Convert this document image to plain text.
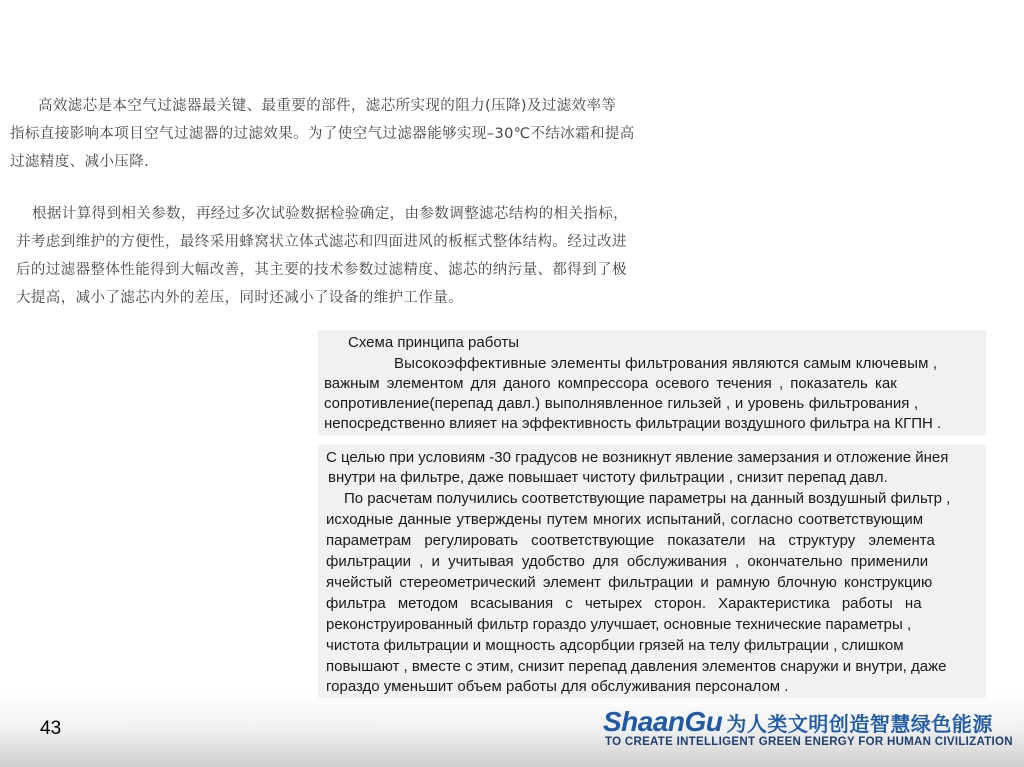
高效滤芯是本空气过滤器最关键、最重要的部件，滤芯所实现的阻力(压降)及过滤效率等

指标直接影响本项目空气过滤器的过滤效果。为了使空气过滤器能够实现–30℃不结冰霜和提高

过滤精度、减小压降.

根据计算得到相关参数，再经过多次试验数据检验确定，由参数调整滤芯结构的相关指标，

并考虑到维护的方便性，最终采用蜂窝状立体式滤芯和四面进风的板框式整体结构。经过改进

后的过滤器整体性能得到大幅改善，其主要的技术参数过滤精度、滤芯的纳污量、都得到了极

大提高，减小了滤芯内外的差压，同时还减小了设备的维护工作量。

Схема принципа работы
Высокоэффективные элементы фильтрования являются самым ключевым ,
важным элементом для даного компрессора осевого течения , показатель как
сопротивление(перепад давл.) выполнявленное гильзей , и уровень фильтрования ,
непосредственно влияет на эффективность фильтрации воздушного фильтра на КГПН .
С целью при условиям -30 градусов не возникнут явление замерзания и отложение йнея
внутри на фильтре, даже повышает чистоту фильтрации , снизит перепад давл.
По расчетам получились соответствующие параметры на данный воздушный фильтр ,
исходные данные утверждены путем многих испытаний, согласно соответствующим
параметрам регулировать соответствующие показатели на структуру элемента
фильтрации , и учитывая удобство для обслуживания , окончательно применили
ячейстый стереометрический элемент фильтрации и рамную блочную конструкцию
фильтра методом всасывания с четырех сторон. Характеристика работы на
реконструированный фильтр гораздо улучшает, основные технические параметры ,
чистота фильтрации и мощность адсорбции грязей на телу фильтрации , слишком
повышают , вместе с этим, снизит перепад давления элементов снаружи и внутри, даже
гораздо уменьшит объем работы для обслуживания персоналом .
43	ShaanGu 为人类文明创造智慧绿色能源
TO CREATE INTELLIGENT GREEN ENERGY FOR HUMAN CIVILIZATION
